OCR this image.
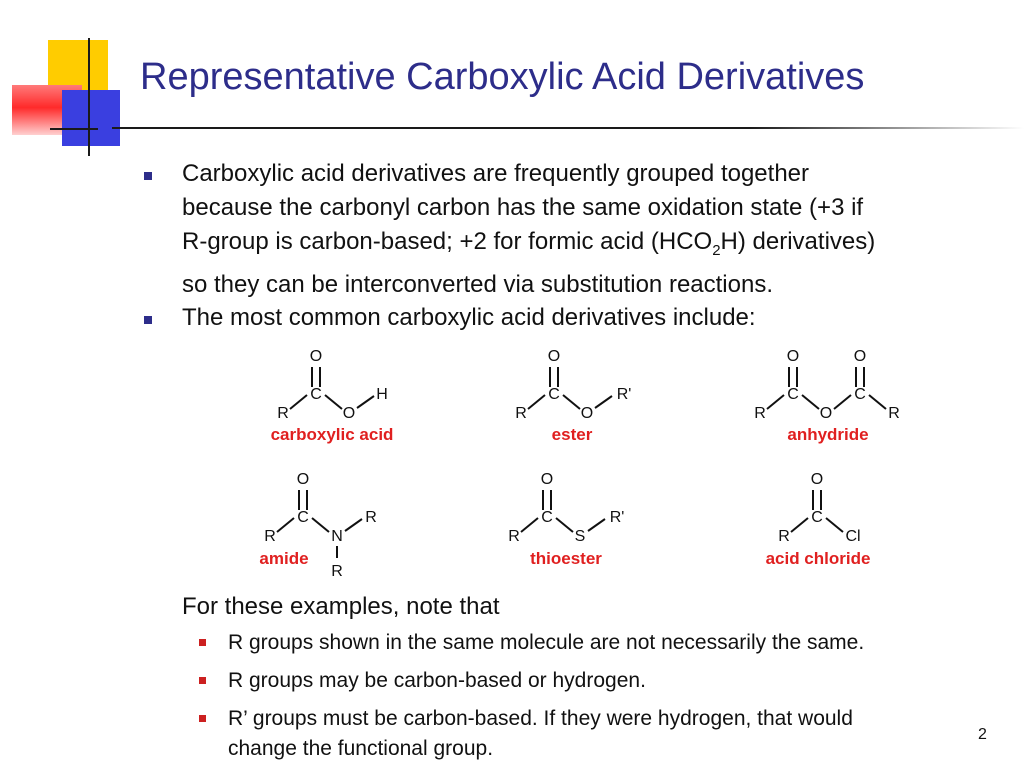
Representative Carboxylic Acid Derivatives
Carboxylic acid derivatives are frequently grouped together
because the carbonyl carbon has the same oxidation state (+3 if
R-group is carbon-based; +2 for formic acid $(HCO_2H)$ derivatives)
so they can be interconverted via substitution reactions.
The most common carboxylic acid derivatives include:
O
C
R	O
H
carboxylic acid
O
C
R	O
R'
ester
O
C
R	O
O
C
R
anhydride
O
C
R	N
R
R
amide
O
C
R	S
R'
thioester
O
C
R	Cl
acid chloride
For these examples, note that
R groups shown in the same molecule are not necessarily the same.
R groups may be carbon-based or hydrogen.
R’ groups must be carbon-based. If they were hydrogen, that would
change the functional group.
2
